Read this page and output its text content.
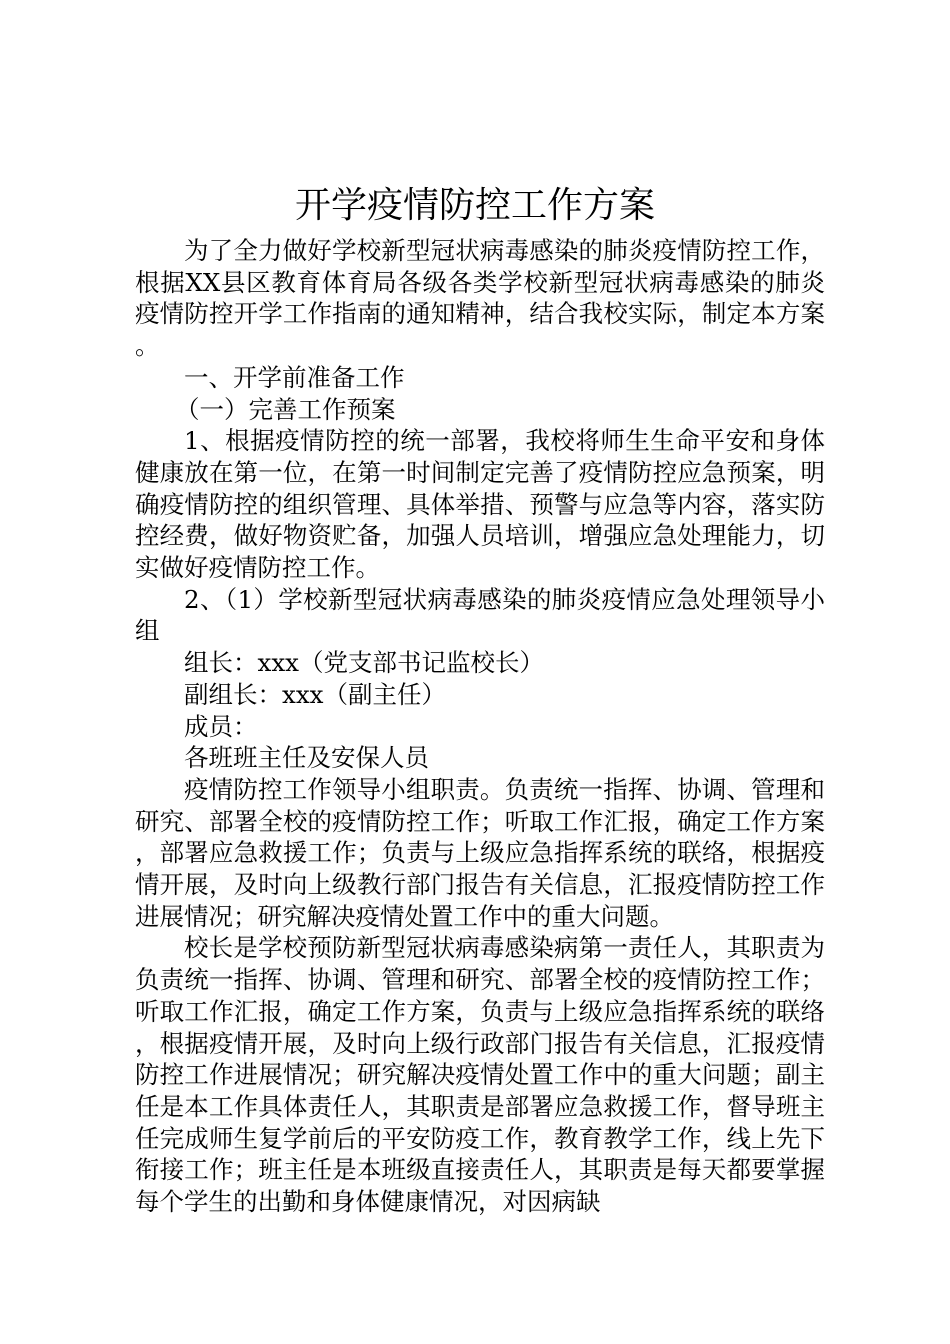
开学疫情防控工作方案

为了全力做好学校新型冠状病毒感染的肺炎疫情防控工作，根据XX县区教育体育局各级各类学校新型冠状病毒感染的肺炎疫情防控开学工作指南的通知精神，结合我校实际，制定本方案。

一、开学前准备工作

（一）完善工作预案

1、根据疫情防控的统一部署，我校将师生生命平安和身体健康放在第一位，在第一时间制定完善了疫情防控应急预案，明确疫情防控的组织管理、具体举措、预警与应急等内容，落实防控经费，做好物资贮备，加强人员培训，增强应急处理能力，切实做好疫情防控工作。

2、（1）学校新型冠状病毒感染的肺炎疫情应急处理领导小组

组长：xxx（党支部书记监校长）

副组长：xxx（副主任）

成员：

各班班主任及安保人员

疫情防控工作领导小组职责。负责统一指挥、协调、管理和研究、部署全校的疫情防控工作；听取工作汇报，确定工作方案，部署应急救援工作；负责与上级应急指挥系统的联络，根据疫情开展，及时向上级教行部门报告有关信息，汇报疫情防控工作进展情况；研究解决疫情处置工作中的重大问题。

校长是学校预防新型冠状病毒感染病第一责任人，其职责为负责统一指挥、协调、管理和研究、部署全校的疫情防控工作；听取工作汇报，确定工作方案，负责与上级应急指挥系统的联络，根据疫情开展，及时向上级行政部门报告有关信息，汇报疫情防控工作进展情况；研究解决疫情处置工作中的重大问题；副主任是本工作具体责任人，其职责是部署应急救援工作，督导班主任完成师生复学前后的平安防疫工作，教育教学工作，线上先下衔接工作；班主任是本班级直接责任人，其职责是每天都要掌握每个学生的出勤和身体健康情况，对因病缺
